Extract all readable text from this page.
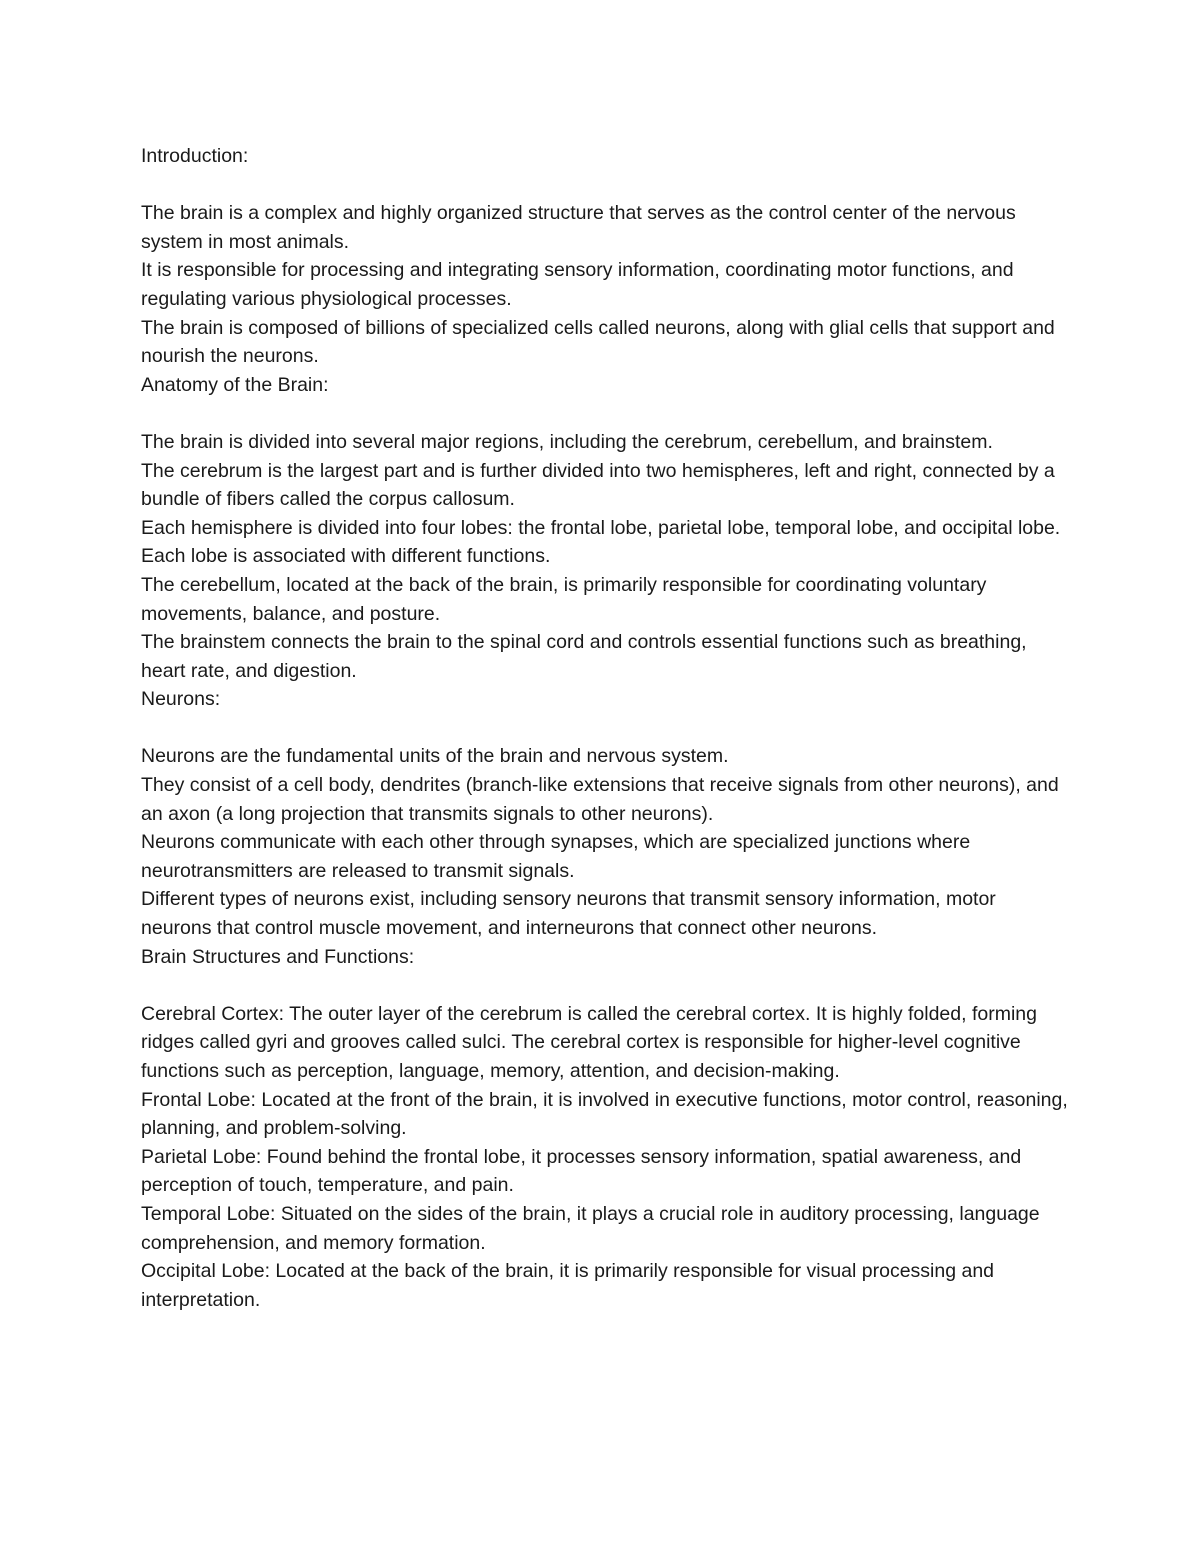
Introduction:

The brain is a complex and highly organized structure that serves as the control center of the nervous system in most animals.

It is responsible for processing and integrating sensory information, coordinating motor functions, and regulating various physiological processes.

The brain is composed of billions of specialized cells called neurons, along with glial cells that support and nourish the neurons.

Anatomy of the Brain:

The brain is divided into several major regions, including the cerebrum, cerebellum, and brainstem.

The cerebrum is the largest part and is further divided into two hemispheres, left and right, connected by a bundle of fibers called the corpus callosum.

Each hemisphere is divided into four lobes: the frontal lobe, parietal lobe, temporal lobe, and occipital lobe. Each lobe is associated with different functions.

The cerebellum, located at the back of the brain, is primarily responsible for coordinating voluntary movements, balance, and posture.

The brainstem connects the brain to the spinal cord and controls essential functions such as breathing, heart rate, and digestion.

Neurons:

Neurons are the fundamental units of the brain and nervous system.

They consist of a cell body, dendrites (branch-like extensions that receive signals from other neurons), and an axon (a long projection that transmits signals to other neurons).

Neurons communicate with each other through synapses, which are specialized junctions where neurotransmitters are released to transmit signals.

Different types of neurons exist, including sensory neurons that transmit sensory information, motor neurons that control muscle movement, and interneurons that connect other neurons.

Brain Structures and Functions:

Cerebral Cortex: The outer layer of the cerebrum is called the cerebral cortex. It is highly folded, forming ridges called gyri and grooves called sulci. The cerebral cortex is responsible for higher-level cognitive functions such as perception, language, memory, attention, and decision-making.

Frontal Lobe: Located at the front of the brain, it is involved in executive functions, motor control, reasoning, planning, and problem-solving.

Parietal Lobe: Found behind the frontal lobe, it processes sensory information, spatial awareness, and perception of touch, temperature, and pain.

Temporal Lobe: Situated on the sides of the brain, it plays a crucial role in auditory processing, language comprehension, and memory formation.

Occipital Lobe: Located at the back of the brain, it is primarily responsible for visual processing and interpretation.
